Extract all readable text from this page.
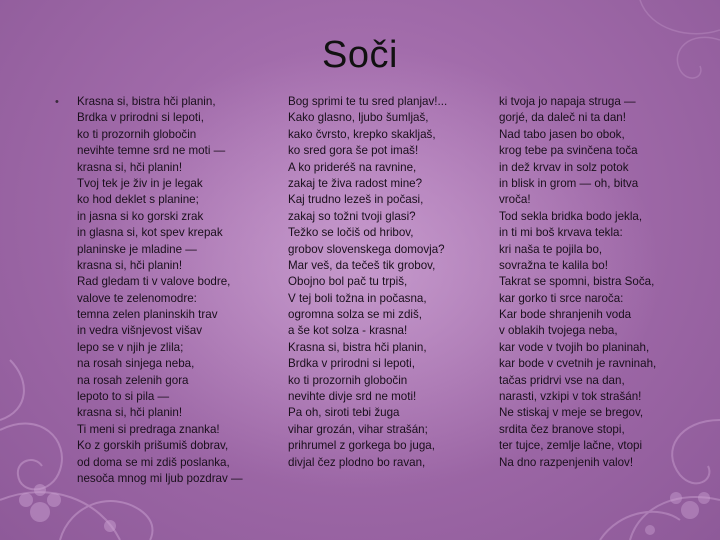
Soči
• Krasna si, bistra hči planin,
Brdka v prirodni si lepoti,
ko ti prozornih globočin
nevihte temne srd ne moti —
krasna si, hči planin!
Tvoj tek je živ in je legak
ko hod deklet s planine;
in jasna si ko gorski zrak
in glasna si, kot spev krepak
planinske je mladine —
krasna si, hči planin!
Rad gledam ti v valove bodre,
valove te zelenomodre:
temna zelen planinskih trav
in vedra višnjevost višav
lepo se v njih je zlila;
na rosah sinjega neba,
na rosah zelenih gora
lepoto to si pila —
krasna si, hči planin!
Ti meni si predraga znanka!
Ko z gorskih prišumiš dobrav,
od doma se mi zdiš poslanka,
nesoča mnog mi ljub pozdrav —
Bog sprimi te tu sred planjav!...
Kako glasno, ljubo šumljaš,
kako čvrsto, krepko skakljaš,
ko sred gora še pot imaš!
A ko prideréš na ravnine,
zakaj te živa radost mine?
Kaj trudno lezeš in počasi,
zakaj so tožni tvoji glasi?
Težko se ločiš od hribov,
grobov slovenskega domovja?
Mar veš, da tečeš tik grobov,
Obojno bol pač tu trpiš,
V tej boli tožna in počasna,
ogromna solza se mi zdiš,
a še kot solza - krasna!
Krasna si, bistra hči planin,
Brdka v prirodni si lepoti,
ko ti prozornih globočin
nevihte divje srd ne moti!
Pa oh, siroti tebi žuga
vihar grozán, vihar strašán;
prihrumel z gorkega bo juga,
divjal čez plodno bo ravan,
ki tvoja jo napaja struga —
gorjé, da daleč ni ta dan!
Nad tabo jasen bo obok,
krog tebe pa svinčena toča
in dež krvav in solz potok
in blisk in grom — oh, bitva
vroča!
Tod sekla bridka bodo jekla,
in ti mi boš krvava tekla:
kri naša te pojila bo,
sovražna te kalila bo!
Takrat se spomni, bistra Soča,
kar gorko ti srce naroča:
Kar bode shranjenih voda
v oblakih tvojega neba,
kar vode v tvojih bo planinah,
kar bode v cvetnih je ravninah,
tačas pridrvi vse na dan,
narasti, vzkipi v tok strašán!
Ne stiskaj v meje se bregov,
srdita čez branove stopi,
ter tujce, zemlje lačne, vtopi
Na dno razpenjenih valov!
